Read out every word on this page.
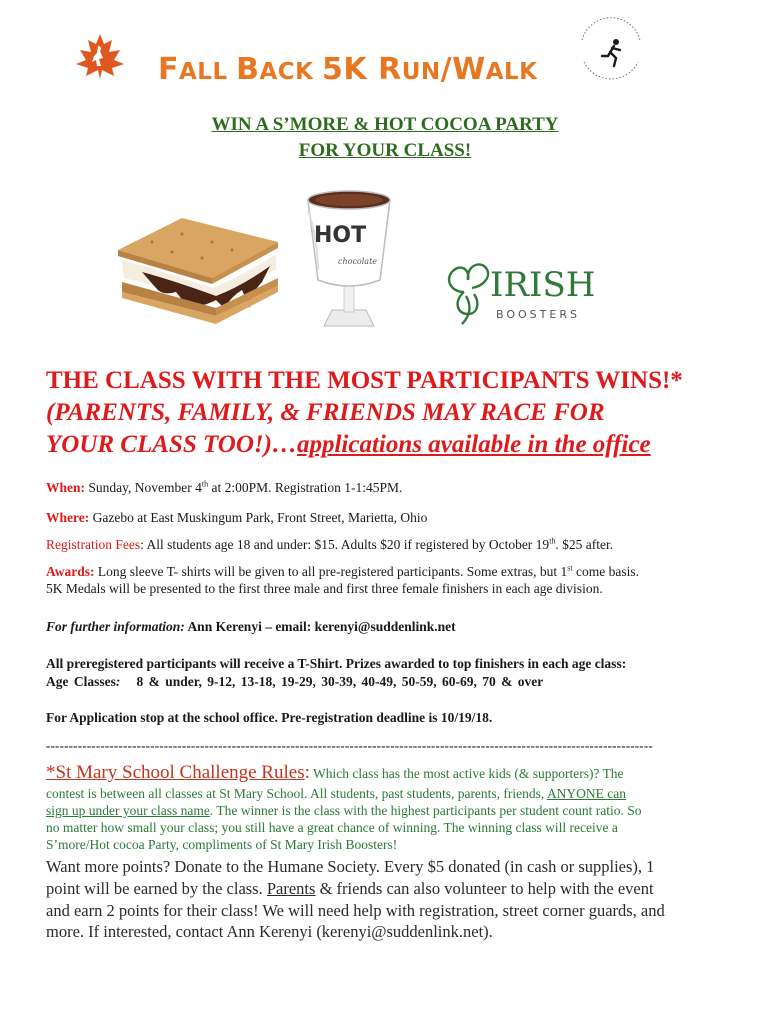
FALL BACK 5K RUN/WALK
WIN A S’MORE & HOT COCOA PARTY
FOR YOUR CLASS!
HOT
chocolate
IRISH
BOOSTERS
THE CLASS WITH THE MOST PARTICIPANTS WINS!*
(PARENTS, FAMILY, & FRIENDS MAY RACE FOR
YOUR CLASS TOO!)…applications available in the office
When: Sunday, November 4th at 2:00PM. Registration 1-1:45PM.
Where: Gazebo at East Muskingum Park, Front Street, Marietta, Ohio
Registration Fees: All students age 18 and under: $15. Adults $20 if registered by October 19th. $25 after.
Awards: Long sleeve T- shirts will be given to all pre-registered participants. Some extras, but 1st come basis.
5K Medals will be presented to the first three male and first three female finishers in each age division.
For further information: Ann Kerenyi – email: kerenyi@suddenlink.net
All preregistered participants will receive a T-Shirt. Prizes awarded to top finishers in each age class:
Age Classes: 8 & under, 9-12, 13-18, 19-29, 30-39, 40-49, 50-59, 60-69, 70 & over
For Application stop at the school office. Pre-registration deadline is 10/19/18.
--------------------------------------------------------------------------------------------------------------------------------------
*St Mary School Challenge Rules: Which class has the most active kids (& supporters)? The
contest is between all classes at St Mary School. All students, past students, parents, friends, ANYONE can
sign up under your class name. The winner is the class with the highest participants per student count ratio. So
no matter how small your class; you still have a great chance of winning. The winning class will receive a
S’more/Hot cocoa Party, compliments of St Mary Irish Boosters!
Want more points? Donate to the Humane Society. Every $5 donated (in cash or supplies), 1
point will be earned by the class. Parents & friends can also volunteer to help with the event
and earn 2 points for their class! We will need help with registration, street corner guards, and
more. If interested, contact Ann Kerenyi (kerenyi@suddenlink.net).
